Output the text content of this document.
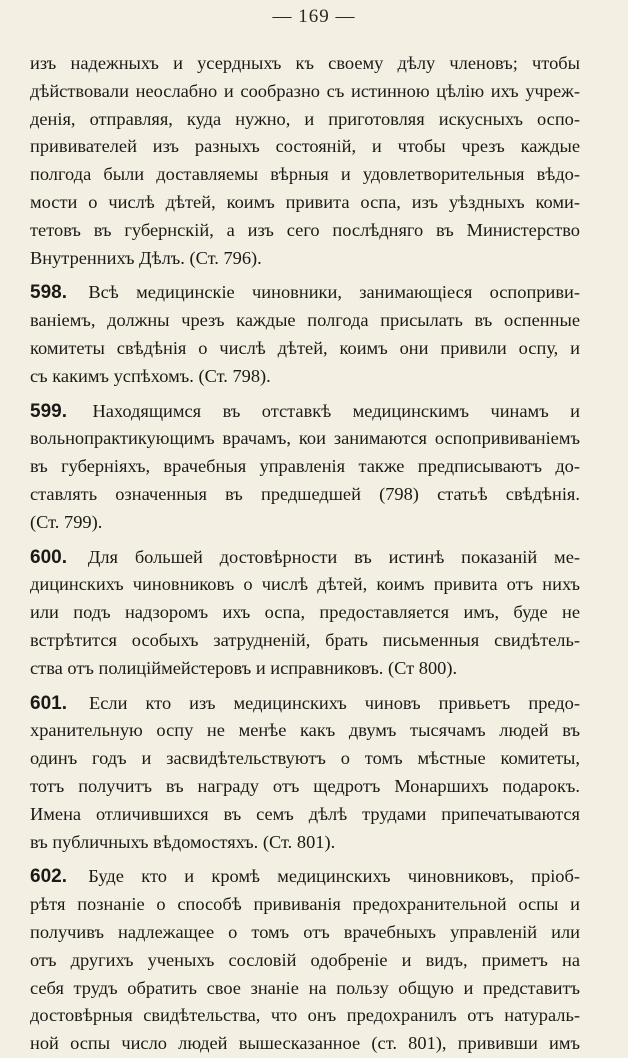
— 169 —
изъ надежныхъ и усердныхъ къ своему дѣлу членовъ; чтобы
дѣйствовали неослабно и сообразно съ истинною цѣлію ихъ учреж-
денія, отправляя, куда нужно, и приготовляя искусныхъ оспо-
прививателей изъ разныхъ состояній, и чтобы чрезъ каждые
полгода были доставляемы вѣрныя и удовлетворительныя вѣдо-
мости о числѣ дѣтей, коимъ привита оспа, изъ уѣздныхъ коми-
тетовъ въ губернскій, а изъ сего послѣдняго въ Министерство
Внутреннихъ Дѣлъ. (Ст. 796).
598. Всѣ медицинскіе чиновники, занимающіеся оспоприви-
ваніемъ, должны чрезъ каждые полгода присылать въ оспенные
комитеты свѣдѣнія о числѣ дѣтей, коимъ они привили оспу, и
съ какимъ успѣхомъ. (Ст. 798).
599. Находящимся въ отставкѣ медицинскимъ чинамъ и
вольнопрактикующимъ врачамъ, кои занимаются оспопрививаніемъ
въ губерніяхъ, врачебныя управленія также предписываютъ до-
ставлять означенныя въ предшедшей (798) статьѣ свѣдѣнія.
(Ст. 799).
600. Для большей достовѣрности въ истинѣ показаній ме-
дицинскихъ чиновниковъ о числѣ дѣтей, коимъ привита отъ нихъ
или подъ надзоромъ ихъ оспа, предоставляется имъ, буде не
встрѣтится особыхъ затрудненій, брать письменныя свидѣтель-
ства отъ полиціймейстеровъ и исправниковъ. (Ст 800).
601. Если кто изъ медицинскихъ чиновъ привьетъ предо-
хранительную оспу не менѣе какъ двумъ тысячамъ людей въ
одинъ годъ и засвидѣтельствуютъ о томъ мѣстные комитеты,
тотъ получитъ въ награду отъ щедротъ Монаршихъ подарокъ.
Имена отличившихся въ семъ дѣлѣ трудами припечатываются
въ публичныхъ вѣдомостяхъ. (Ст. 801).
602. Буде кто и кромѣ медицинскихъ чиновниковъ, пріоб-
рѣтя познаніе о способѣ прививанія предохранительной оспы и
получивъ надлежащее о томъ отъ врачебныхъ управленій или
отъ другихъ ученыхъ сословій одобреніе и видъ, приметъ на
себя трудъ обратить свое знаніе на пользу общую и представитъ
достовѣрныя свидѣтельства, что онъ предохранилъ отъ натураль-
ной оспы число людей вышесказанное (ст. 801), прививши имъ
